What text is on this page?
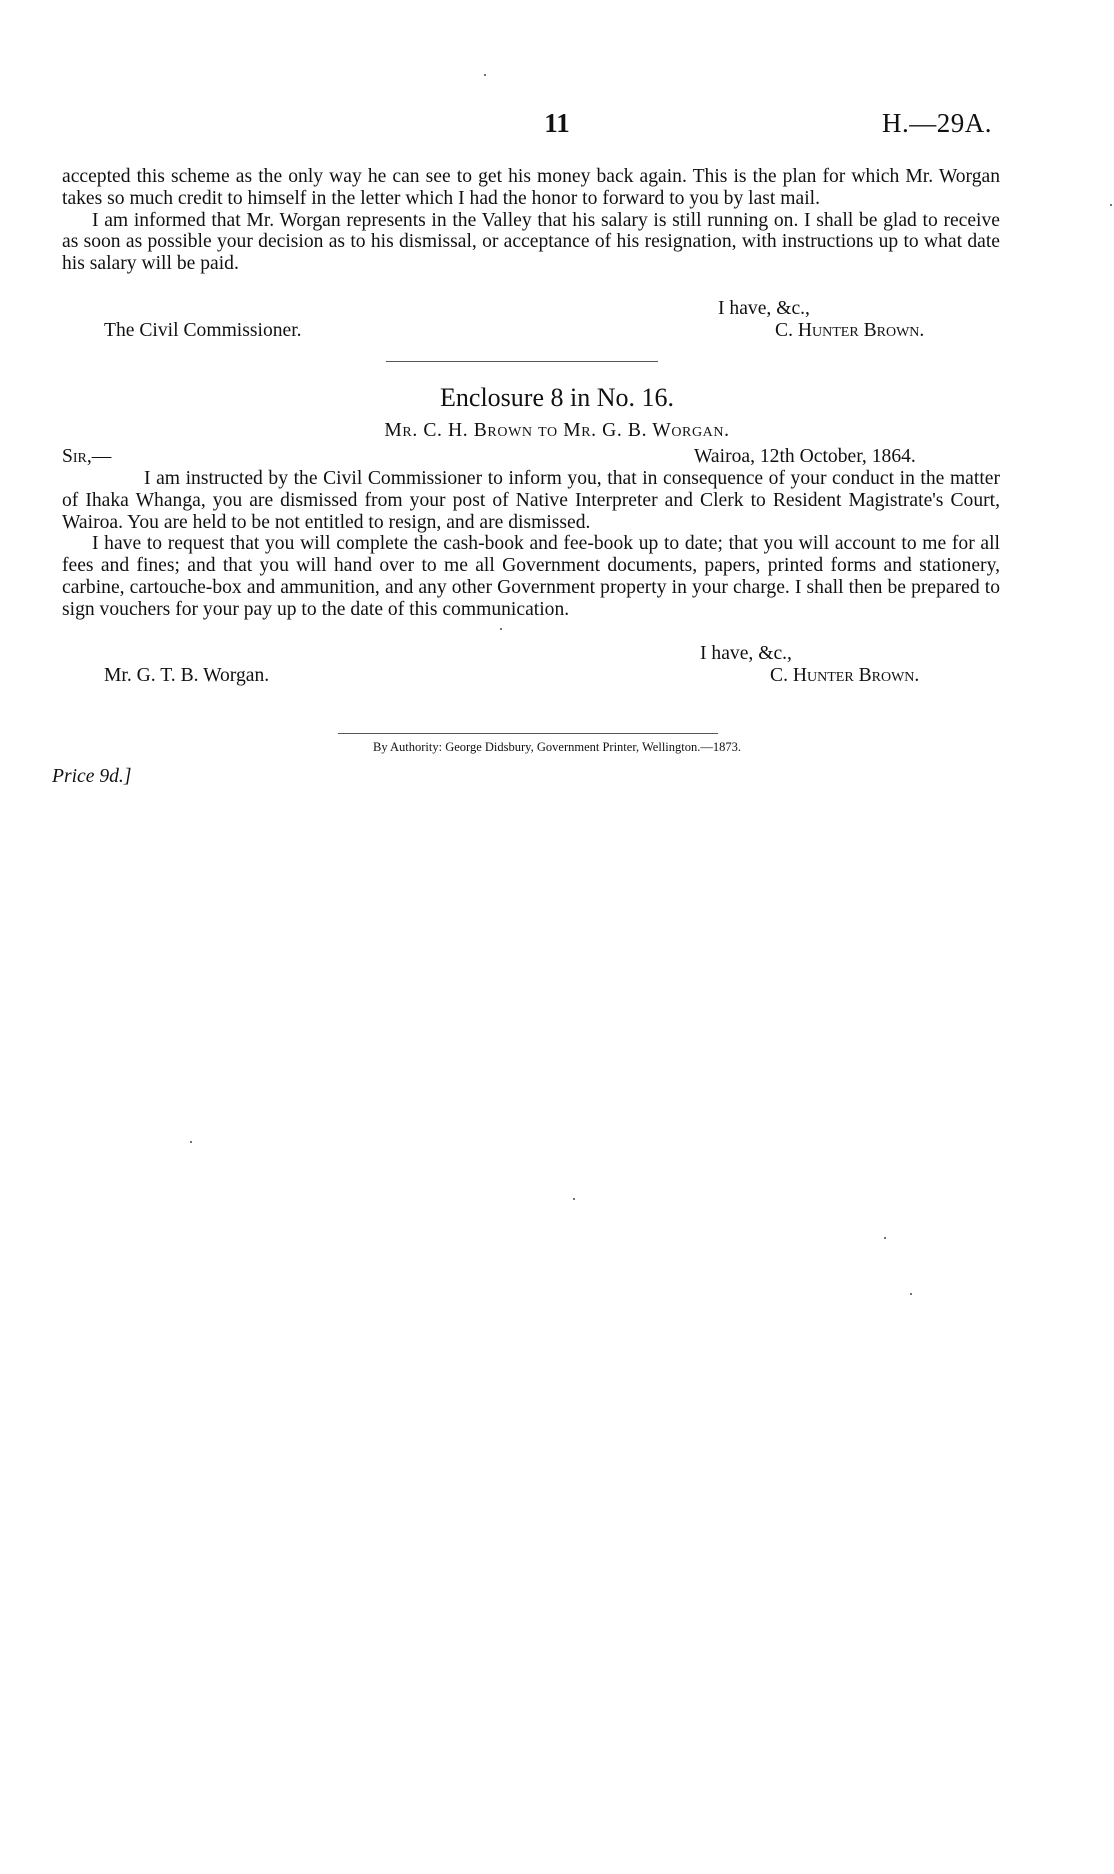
11	H.—29A.

accepted this scheme as the only way he can see to get his money back again. This is the plan for which Mr. Worgan takes so much credit to himself in the letter which I had the honor to forward to you by last mail.

I am informed that Mr. Worgan represents in the Valley that his salary is still running on. I shall be glad to receive as soon as possible your decision as to his dismissal, or acceptance of his resignation, with instructions up to what date his salary will be paid.

I have, &c.,
The Civil Commissioner.	C. Hunter Brown.
Enclosure 8 in No. 16.
Mr. C. H. Brown to Mr. G. B. Worgan.
Sir,—	Wairoa, 12th October, 1864.

I am instructed by the Civil Commissioner to inform you, that in consequence of your conduct in the matter of Ihaka Whanga, you are dismissed from your post of Native Interpreter and Clerk to Resident Magistrate's Court, Wairoa. You are held to be not entitled to resign, and are dismissed.

I have to request that you will complete the cash-book and fee-book up to date; that you will account to me for all fees and fines; and that you will hand over to me all Government documents, papers, printed forms and stationery, carbine, cartouche-box and ammunition, and any other Government property in your charge. I shall then be prepared to sign vouchers for your pay up to the date of this communication.

I have, &c.,
Mr. G. T. B. Worgan.	C. Hunter Brown.
By Authority: George Didsbury, Government Printer, Wellington.—1873.
Price 9d.]
